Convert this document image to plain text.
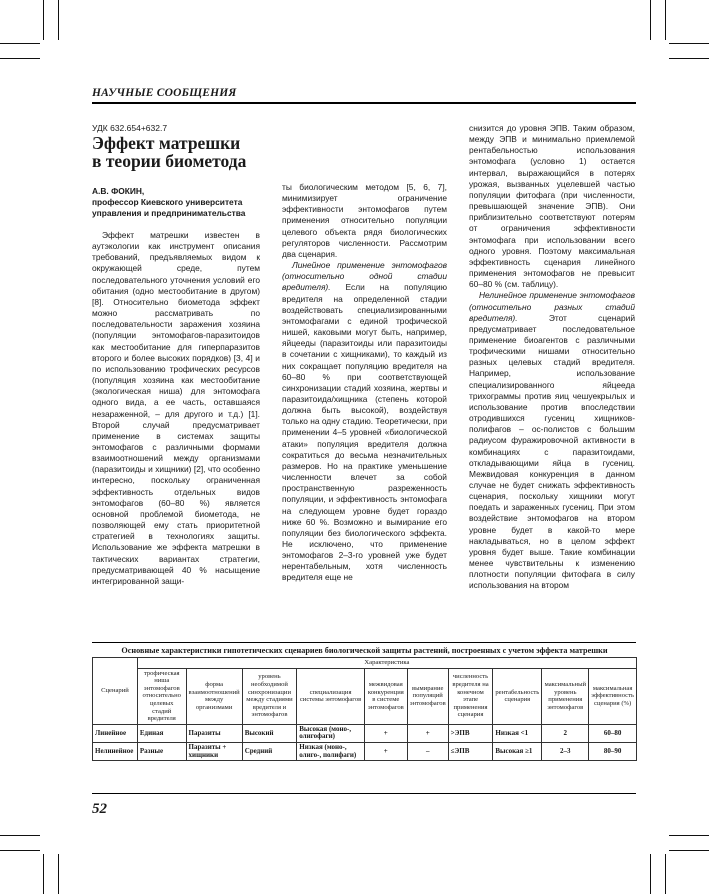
НАУЧНЫЕ СООБЩЕНИЯ
УДК 632.654+632.7
Эффект матрешки
в теории биометода
А.В. ФОКИН,
профессор Киевского университета управления и предпринимательства

Эффект матрешки известен в аутэкологии как инструмент описания требований, предъявляемых видом к окружающей среде, путем последовательного уточнения условий его обитания (одно местообитание в другом) [8]. Относительно биометода эффект можно рассматривать по последовательности заражения хозяина (популяции энтомофагов-паразитоидов как местообитание для гиперпаразитов второго и более высоких порядков) [3, 4] и по использованию трофических ресурсов (популяция хозяина как местообитание (экологическая ниша) для энтомофага одного вида, а ее часть, оставшаяся незараженной, – для другого и т.д.) [1]. Второй случай предусматривает применение в системах защиты энтомофагов с различными формами взаимоотношений между организмами (паразитоиды и хищники) [2], что особенно интересно, поскольку ограниченная эффективность отдельных видов энтомофагов (60–80 %) является основной проблемой биометода, не позволяющей ему стать приоритетной стратегией в технологиях защиты. Использование же эффекта матрешки в тактических вариантах стратегии, предусматривающей 40 % насыщение интегрированной защи-

ты биологическим методом [5, 6, 7], минимизирует ограничение эффективности энтомофагов путем применения относительно популяции целевого объекта рядя биологических регуляторов численности. Рассмотрим два сценария.

Линейное применение энтомофагов (относительно одной стадии вредителя). Если на популяцию вредителя на определенной стадии воздействовать специализированными энтомофагами с единой трофической нишей, каковыми могут быть, например, яйцееды (паразитоиды или паразитоиды в сочетании с хищниками), то каждый из них сокращает популяцию вредителя на 60–80 % при соответствующей синхронизации стадий хозяина, жертвы и паразитоида/хищника (степень которой должна быть высокой), воздействуя только на одну стадию. Теоретически, при применении 4–5 уровней «биологической атаки» популяция вредителя должна сократиться до весьма незначительных размеров. Но на практике уменьшение численности влечет за собой пространственную разреженность популяции, и эффективность энтомофага на следующем уровне будет гораздо ниже 60 %. Возможно и вымирание его популяции без биологического эффекта. Не исключено, что применение энтомофагов 2–3-го уровней уже будет нерентабельным, хотя численность вредителя еще не

снизится до уровня ЭПВ. Таким образом, между ЭПВ и минимально приемлемой рентабельностью использования энтомофага (условно 1) остается интервал, выражающийся в потерях урожая, вызванных уцелевшей частью популяции фитофага (при численности, превышающей значение ЭПВ). Они приблизительно соответствуют потерям от ограничения эффективности энтомофага при использовании всего одного уровня. Поэтому максимальная эффективность сценария линейного применения энтомофагов не превысит 60–80 % (см. таблицу).

Нелинейное применение энтомофагов (относительно разных стадий вредителя). Этот сценарий предусматривает последовательное применение биоагентов с различными трофическими нишами относительно разных целевых стадий вредителя. Например, использование специализированного яйцееда трихограммы против яиц чешуекрылых и использование против впоследствии отродившихся гусениц хищников-полифагов – ос-полистов с большим радиусом фуражировочной активности в комбинациях с паразитоидами, откладывающими яйца в гусениц. Межвидовая конкуренция в данном случае не будет снижать эффективность сценария, поскольку хищники могут поедать и зараженных гусениц. При этом воздействие энтомофагов на втором уровне будет в какой-то мере накладываться, но в целом эффект уровня будет выше. Такие комбинации менее чувствительны к изменению плотности популяции фитофага в силу использования на втором

Основные характеристики гипотетических сценариев биологической защиты растений, построенных с учетом эффекта матрешки
Сценарий	Характеристика									
	трофическая ниша энтомофагов относительно целевых стадий вредителя	форма взаимоотношений между организмами	уровень необходимой синхронизации между стадиями вредителя и энтомофагов	специализация системы энтомофагов	межвидовая конкуренция в системе энтомофагов	вымирание популяций энтомофагов	численность вредителя на конечном этапе применения сценария	рентабельность сценария	максимальный уровень применения энтомофагов	максимальная эффективность сценария (%)
Линейное	Единая	Паразиты	Высокий	Высокая (моно-, олигофаги)	+	+	>ЭПВ	Низкая <1	2	60–80
Нелинейное	Разные	Паразиты + хищники	Средний	Низкая (моно-, олиго-, полифаги)	+	–	≤ЭПВ	Высокая ≥1	2–3	80–90
52
